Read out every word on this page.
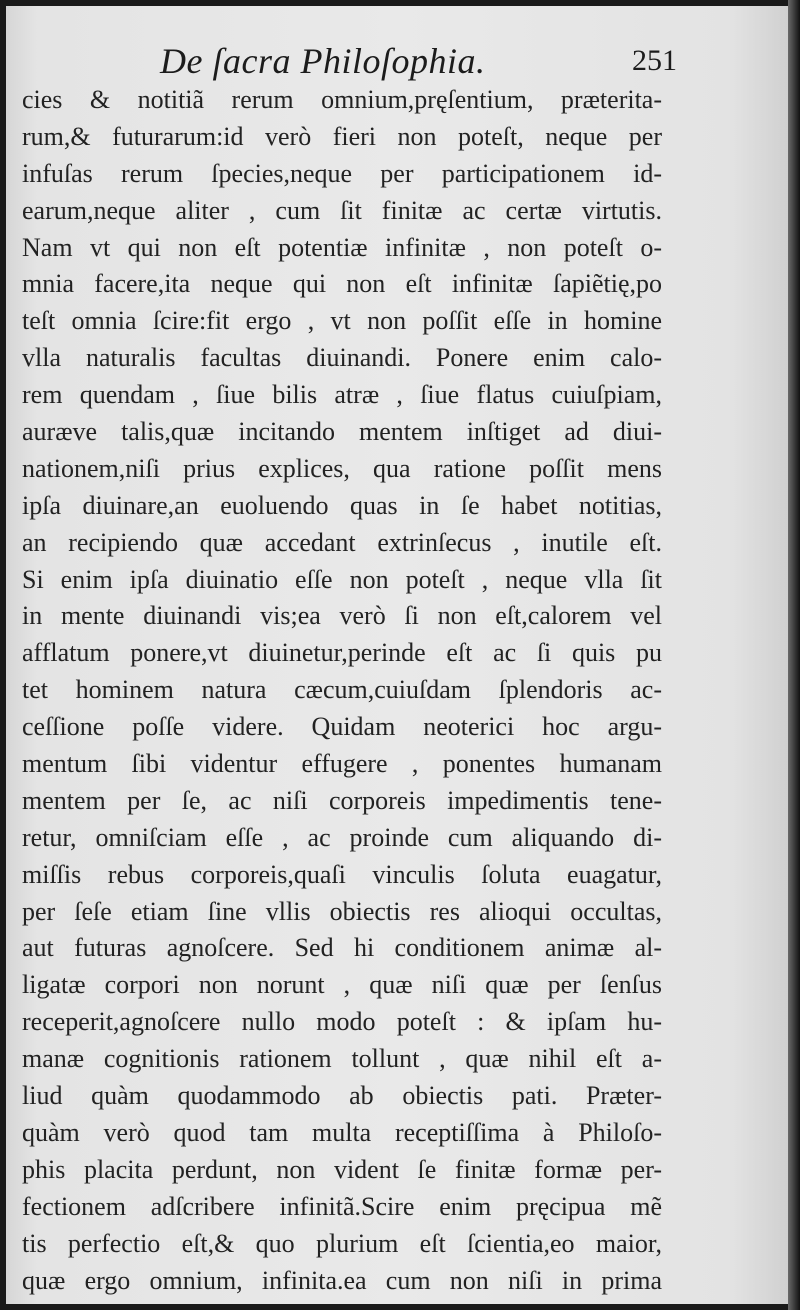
De ſacra Philoſophia.	251
cies & notitiã rerum omnium,pręſentium, præterita-
rum,& futurarum:id verò fieri non poteſt, neque per
infuſas rerum ſpecies,neque per participationem id-
earum,neque aliter , cum ſit finitæ ac certæ virtutis.
Nam vt qui non eſt potentiæ infinitæ , non poteſt o-
mnia facere,ita neque qui non eſt infinitæ ſapiẽtię,po
teſt omnia ſcire:fit ergo , vt non poſſit eſſe in homine
vlla naturalis facultas diuinandi. Ponere enim calo-
rem quendam , ſiue bilis atræ , ſiue flatus cuiuſpiam,
auræve talis,quæ incitando mentem inſtiget ad diui-
nationem,niſi prius explices, qua ratione poſſit mens
ipſa diuinare,an euoluendo quas in ſe habet notitias,
an recipiendo quæ accedant extrinſecus , inutile eſt.
Si enim ipſa diuinatio eſſe non poteſt , neque vlla ſit
in mente diuinandi vis;ea verò ſi non eſt,calorem vel
afflatum ponere,vt diuinetur,perinde eſt ac ſi quis pu
tet hominem natura cæcum,cuiuſdam ſplendoris ac-
ceſſione poſſe videre. Quidam neoterici hoc argu-
mentum ſibi videntur effugere , ponentes humanam
mentem per ſe, ac niſi corporeis impedimentis tene-
retur, omniſciam eſſe , ac proinde cum aliquando di-
miſſis rebus corporeis,quaſi vinculis ſoluta euagatur,
per ſeſe etiam ſine vllis obiectis res alioqui occultas,
aut futuras agnoſcere. Sed hi conditionem animæ al-
ligatæ corpori non norunt , quæ niſi quæ per ſenſus
receperit,agnoſcere nullo modo poteſt : & ipſam hu-
manæ cognitionis rationem tollunt , quæ nihil eſt a-
liud quàm quodammodo ab obiectis pati. Præter-
quàm verò quod tam multa receptiſſima à Philoſo-
phis placita perdunt, non vident ſe finitæ formæ per-
fectionem adſcribere infinitã.Scire enim pręcipua mẽ
tis perfectio eſt,& quo plurium eſt ſcientia,eo maior,
quæ ergo omnium, infinita.ea cum non niſi in prima
